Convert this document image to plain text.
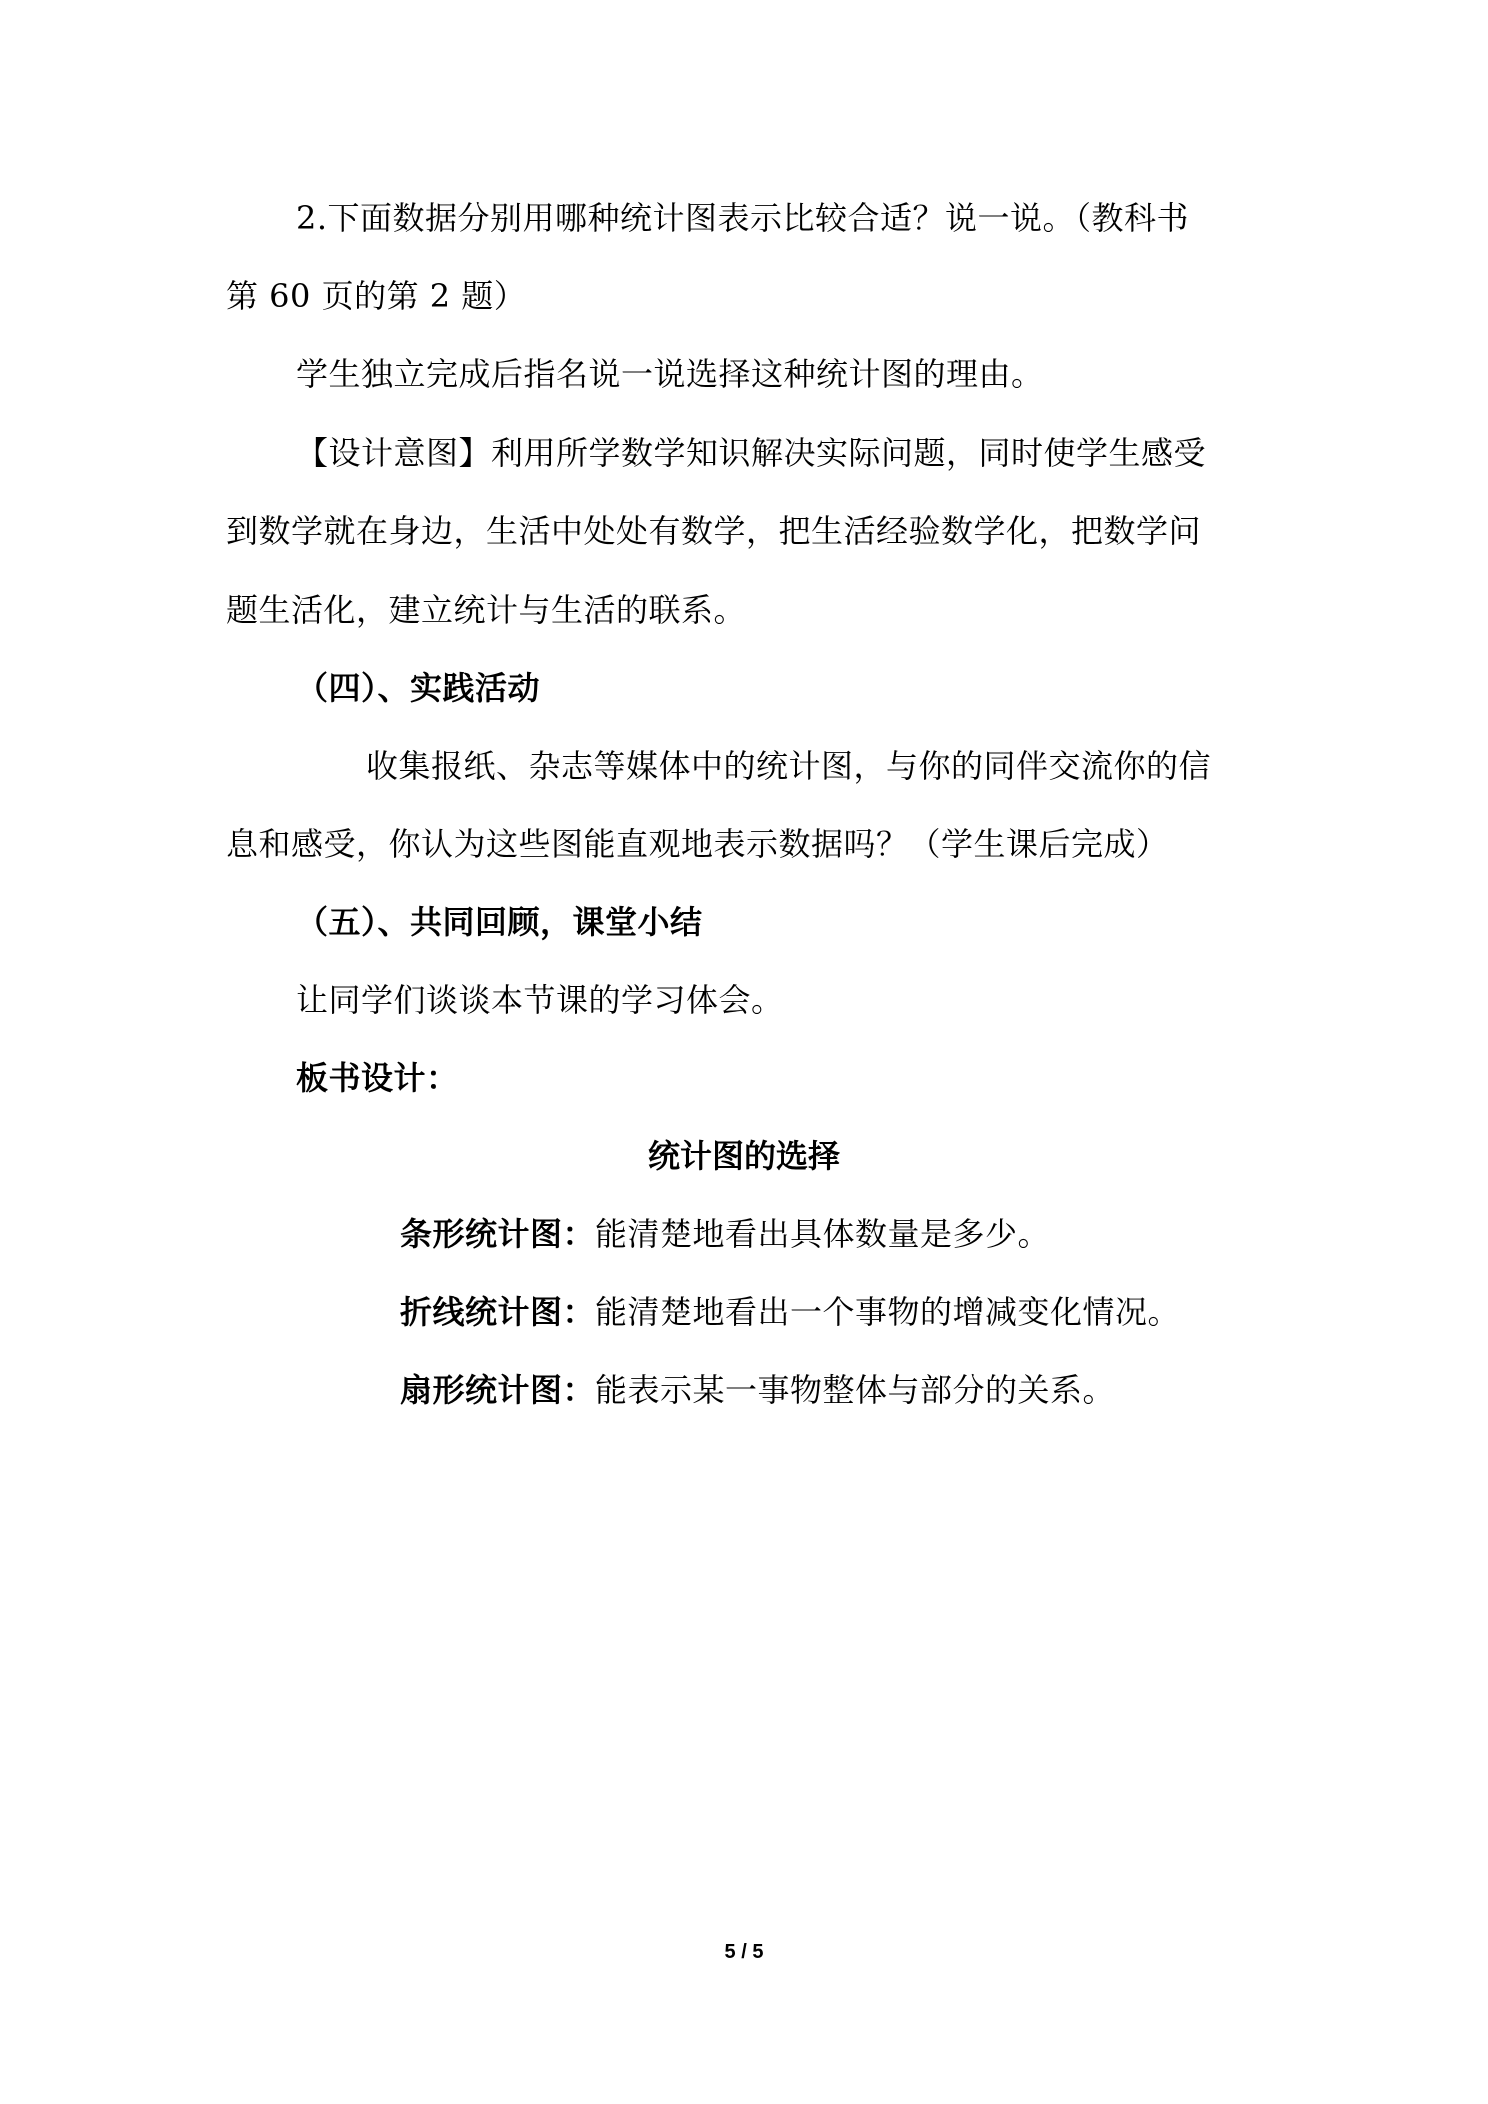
2.下面数据分别用哪种统计图表示比较合适？说一说。（教科书
第 60 页的第 2 题）
学生独立完成后指名说一说选择这种统计图的理由。
【设计意图】利用所学数学知识解决实际问题，同时使学生感受
到数学就在身边，生活中处处有数学，把生活经验数学化，把数学问
题生活化，建立统计与生活的联系。
（四）、实践活动
收集报纸、杂志等媒体中的统计图，与你的同伴交流你的信
息和感受，你认为这些图能直观地表示数据吗？（学生课后完成）
（五）、共同回顾，课堂小结
让同学们谈谈本节课的学习体会。
板书设计：
统计图的选择
条形统计图：能清楚地看出具体数量是多少。
折线统计图：能清楚地看出一个事物的增减变化情况。
扇形统计图：能表示某一事物整体与部分的关系。
5 / 5
